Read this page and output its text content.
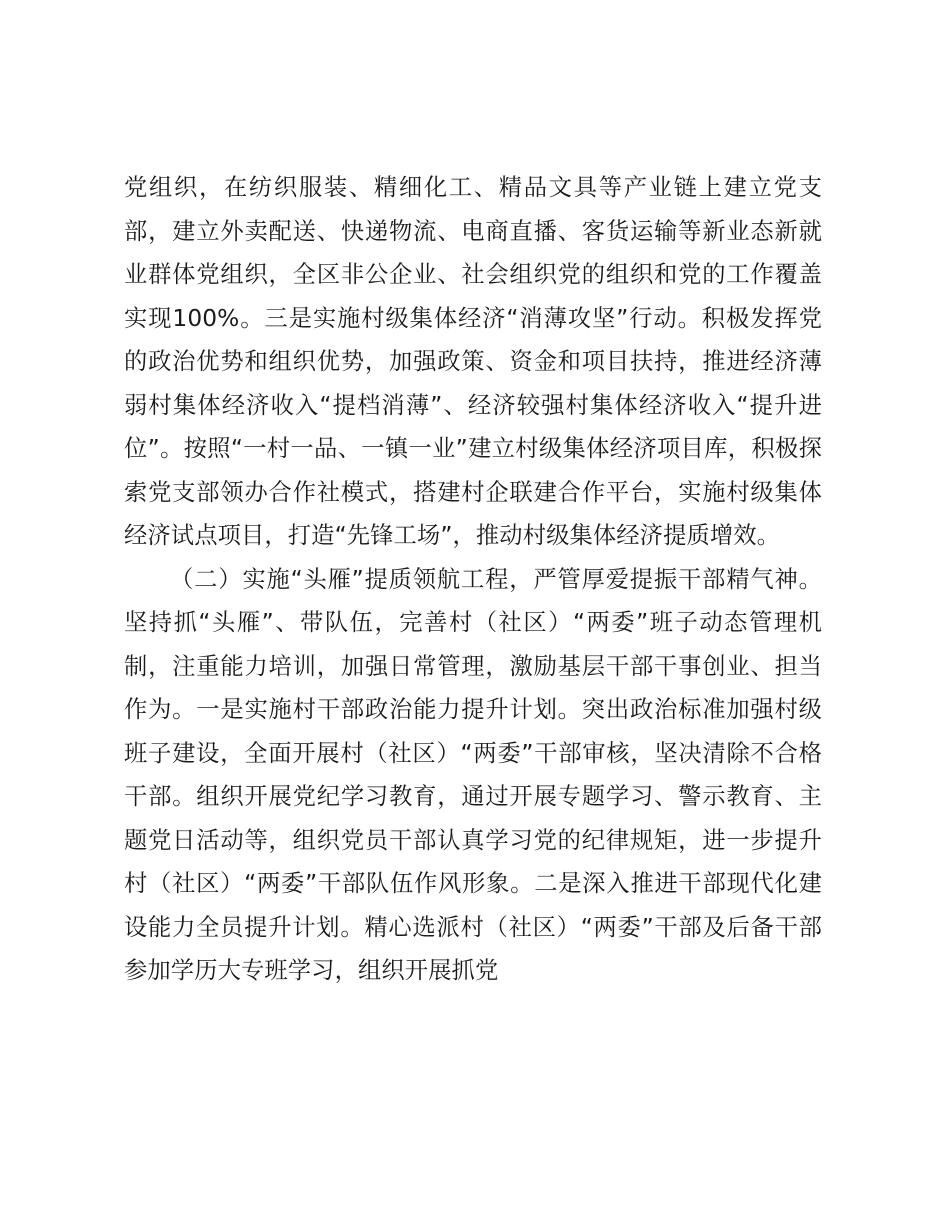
党组织，在纺织服装、精细化工、精品文具等产业链上建立党支部，建立外卖配送、快递物流、电商直播、客货运输等新业态新就业群体党组织，全区非公企业、社会组织党的组织和党的工作覆盖实现100%。三是实施村级集体经济“消薄攻坚”行动。积极发挥党的政治优势和组织优势，加强政策、资金和项目扶持，推进经济薄弱村集体经济收入“提档消薄”、经济较强村集体经济收入“提升进位”。按照“一村一品、一镇一业”建立村级集体经济项目库，积极探索党支部领办合作社模式，搭建村企联建合作平台，实施村级集体经济试点项目，打造“先锋工场”，推动村级集体经济提质增效。

（二）实施“头雁”提质领航工程，严管厚爱提振干部精气神。坚持抓“头雁”、带队伍，完善村（社区）“两委”班子动态管理机制，注重能力培训，加强日常管理，激励基层干部干事创业、担当作为。一是实施村干部政治能力提升计划。突出政治标准加强村级班子建设，全面开展村（社区）“两委”干部审核，坚决清除不合格干部。组织开展党纪学习教育，通过开展专题学习、警示教育、主题党日活动等，组织党员干部认真学习党的纪律规矩，进一步提升村（社区）“两委”干部队伍作风形象。二是深入推进干部现代化建设能力全员提升计划。精心选派村（社区）“两委”干部及后备干部参加学历大专班学习，组织开展抓党
